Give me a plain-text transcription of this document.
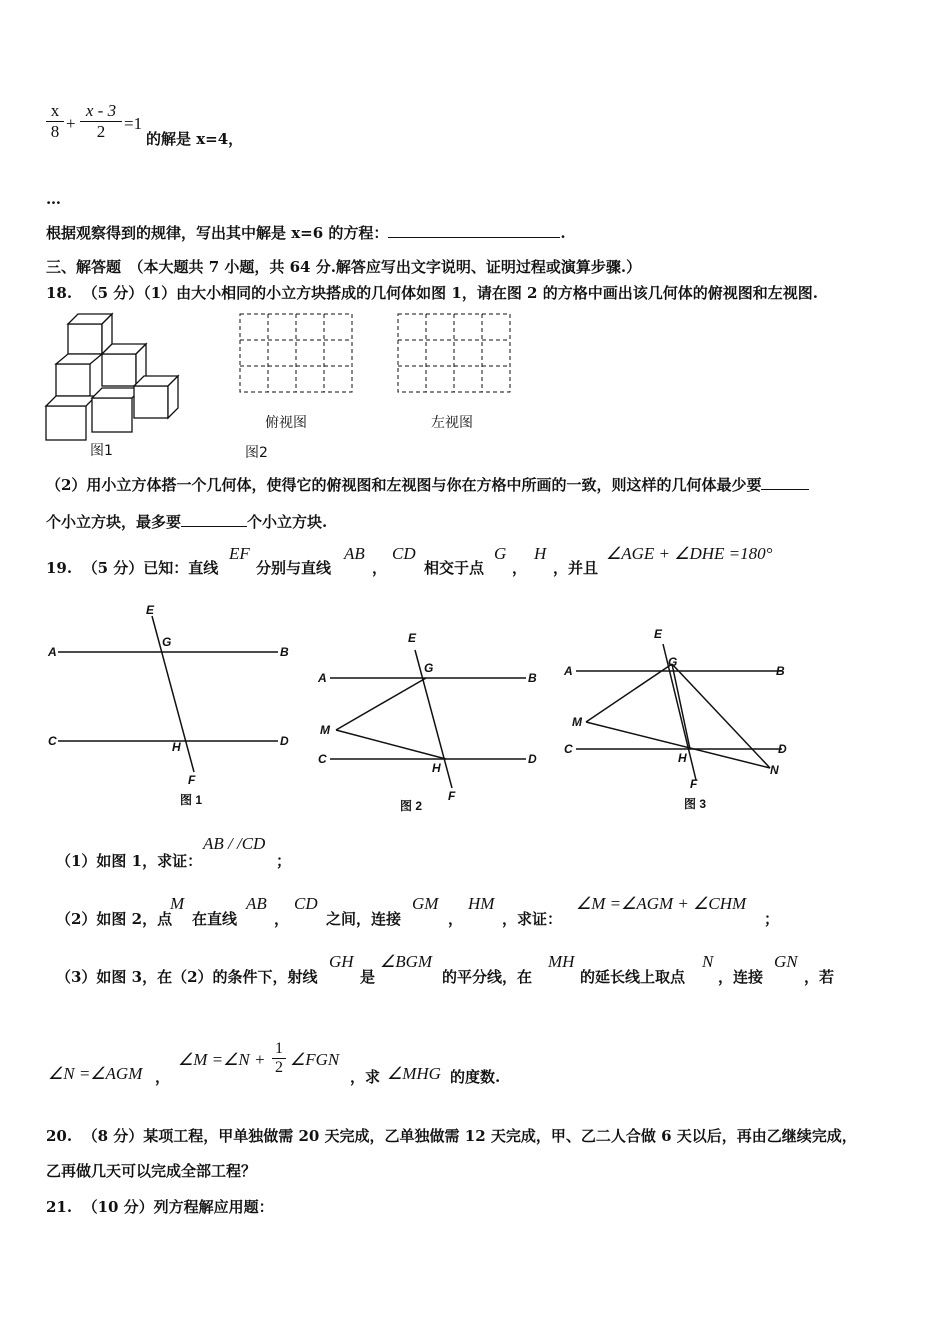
$\frac{x}{8} + \frac{x - 3}{2} =1$
的解是 x=4，
…
根据观察得到的规律，写出其中解是 x=6 的方程：	.
三、解答题　（本大题共 7 小题，共 64 分.解答应写出文字说明、证明过程或演算步骤.）
18. （5 分）（1）由大小相同的小立方块搭成的几何体如图 1，请在图 2 的方格中画出该几何体的俯视图和左视图.
图1
俯视图
图2
左视图
（2）用小立方体搭一个几何体，使得它的俯视图和左视图与你在方格中所画的一致，则这样的几何体最少要
个小立方块，最多要	个小立方块.
19. （5 分）已知：直线
EF
分别与直线
AB
，
CD
相交于点
G
，
H
，并且
∠AGE + ∠DHE =180°
A	B
C	D
E
G
H
F
A	B
C	D
E
G
M
H
F
A	B
C	D
E
G
M
H
F
N
图 1	图 2	图 3
（1）如图 1，求证：
AB / /CD
；
（2）如图 2，点
M
在直线
AB
，
CD
之间，连接
GM
，
HM
，求证：
∠M =∠AGM + ∠CHM
；
（3）如图 3，在（2）的条件下，射线
GH
是
∠BGM
的平分线，在
MH
的延长线上取点
N
，连接
GN
，若
∠N =∠AGM ，
∠M =∠N + $\frac{1}{2}$ ∠FGN
，求 ∠MHG 的度数.
20. （8 分）某项工程，甲单独做需 20 天完成，乙单独做需 12 天完成，甲、乙二人合做 6 天以后，再由乙继续完成，
乙再做几天可以完成全部工程？
21. （10 分）列方程解应用题：
